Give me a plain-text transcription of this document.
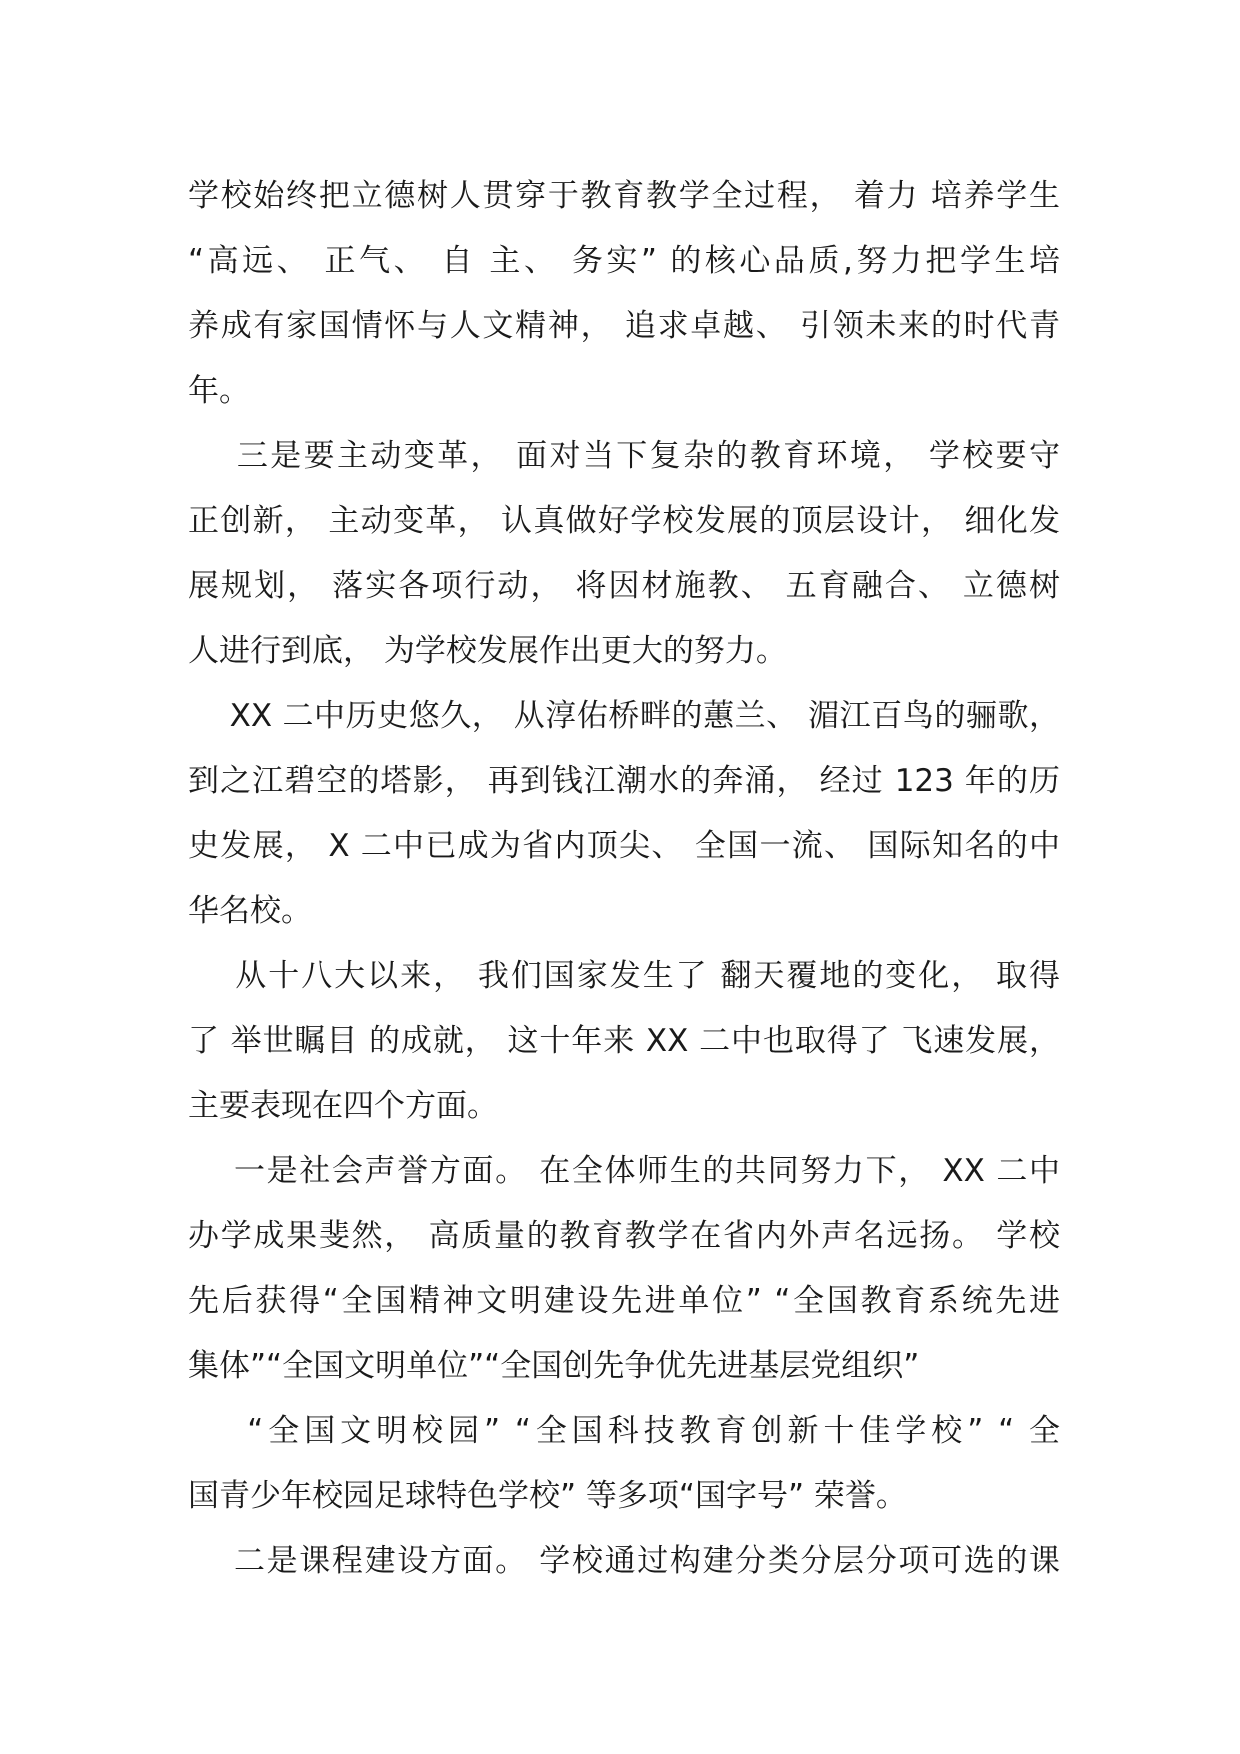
学校始终把立德树人贯穿于教育教学全过程， 着力 培养学生
“高远、 正气、 自 主、 务实” 的核心品质,努力把学生培
养成有家国情怀与人文精神， 追求卓越、 引领未来的时代青
年。
三是要主动变革， 面对当下复杂的教育环境， 学校要守
正创新， 主动变革， 认真做好学校发展的顶层设计， 细化发
展规划， 落实各项行动， 将因材施教、 五育融合、 立德树
人进行到底， 为学校发展作出更大的努力。
XX 二中历史悠久， 从淳佑桥畔的蕙兰、 湄江百鸟的骊歌，
到之江碧空的塔影， 再到钱江潮水的奔涌， 经过 123 年的历
史发展， X 二中已成为省内顶尖、 全国一流、 国际知名的中
华名校。
从十八大以来， 我们国家发生了 翻天覆地的变化， 取得
了 举世瞩目 的成就， 这十年来 XX 二中也取得了 飞速发展，
主要表现在四个方面。
一是社会声誉方面。 在全体师生的共同努力下， XX 二中
办学成果斐然， 高质量的教育教学在省内外声名远扬。 学校
先后获得“全国精神文明建设先进单位” “全国教育系统先进
集体”“全国文明单位”“全国创先争优先进基层党组织”
“全国文明校园” “全国科技教育创新十佳学校” “ 全
国青少年校园足球特色学校” 等多项“国字号” 荣誉。
二是课程建设方面。 学校通过构建分类分层分项可选的课
